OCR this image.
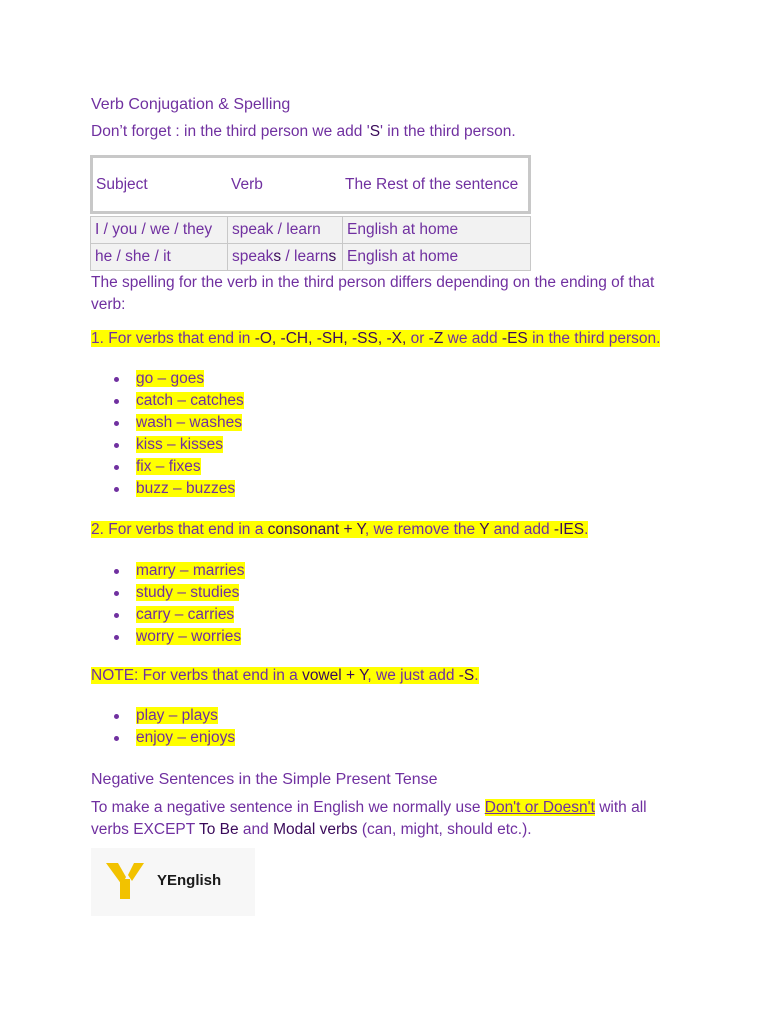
Verb Conjugation & Spelling
Don’t forget : in the third person we add 'S' in the third person.
Subject	Verb	The Rest of the sentence
I / you / we / they	speak / learn	English at home
he / she / it	speaks / learns	English at home
The spelling for the verb in the third person differs depending on the ending of that verb:
1. For verbs that end in -O, -CH, -SH, -SS, -X, or -Z we add -ES in the third person.
go – goes
catch – catches
wash – washes
kiss – kisses
fix – fixes
buzz – buzzes
2. For verbs that end in a consonant + Y, we remove the Y and add -IES.
marry – marries
study – studies
carry – carries
worry – worries
NOTE: For verbs that end in a vowel + Y, we just add -S.
play – plays
enjoy – enjoys
Negative Sentences in the Simple Present Tense
To make a negative sentence in English we normally use Don't or Doesn't with all verbs EXCEPT To Be and Modal verbs (can, might, should etc.).
YEnglish
